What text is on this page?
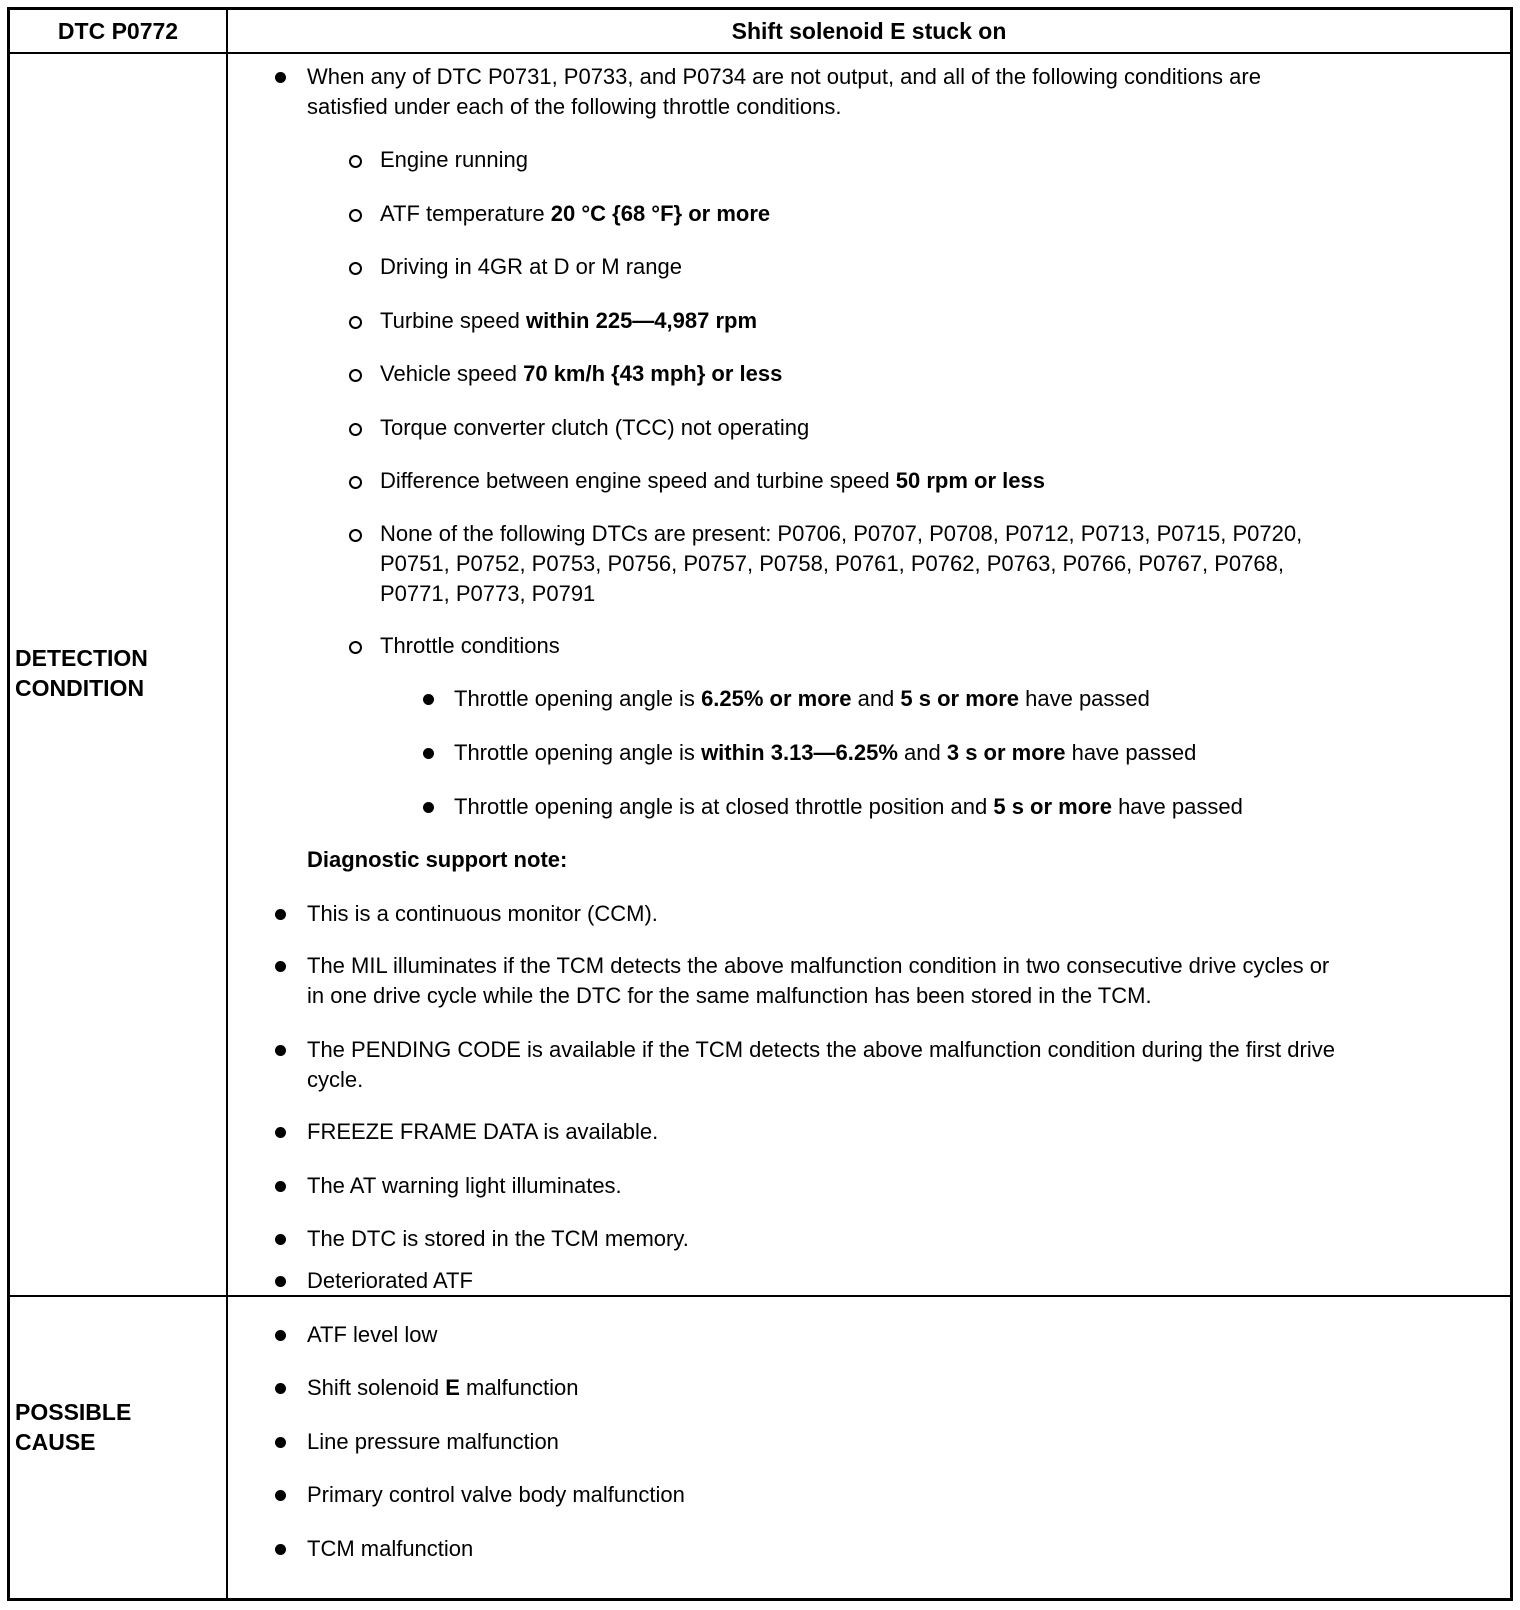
DTC P0772	Shift solenoid E stuck on
DETECTION
CONDITION
When any of DTC P0731, P0733, and P0734 are not output, and all of the following conditions are
satisfied under each of the following throttle conditions.
Engine running
ATF temperature 20 °C {68 °F} or more
Driving in 4GR at D or M range
Turbine speed within 225—4,987 rpm
Vehicle speed 70 km/h {43 mph} or less
Torque converter clutch (TCC) not operating
Difference between engine speed and turbine speed 50 rpm or less
None of the following DTCs are present: P0706, P0707, P0708, P0712, P0713, P0715, P0720,
P0751, P0752, P0753, P0756, P0757, P0758, P0761, P0762, P0763, P0766, P0767, P0768,
P0771, P0773, P0791
Throttle conditions
Throttle opening angle is 6.25% or more and 5 s or more have passed
Throttle opening angle is within 3.13—6.25% and 3 s or more have passed
Throttle opening angle is at closed throttle position and 5 s or more have passed
Diagnostic support note:
This is a continuous monitor (CCM).
The MIL illuminates if the TCM detects the above malfunction condition in two consecutive drive cycles or
in one drive cycle while the DTC for the same malfunction has been stored in the TCM.
The PENDING CODE is available if the TCM detects the above malfunction condition during the first drive
cycle.
FREEZE FRAME DATA is available.
The AT warning light illuminates.
The DTC is stored in the TCM memory.
POSSIBLE
CAUSE
Deteriorated ATF
ATF level low
Shift solenoid E malfunction
Line pressure malfunction
Primary control valve body malfunction
TCM malfunction
